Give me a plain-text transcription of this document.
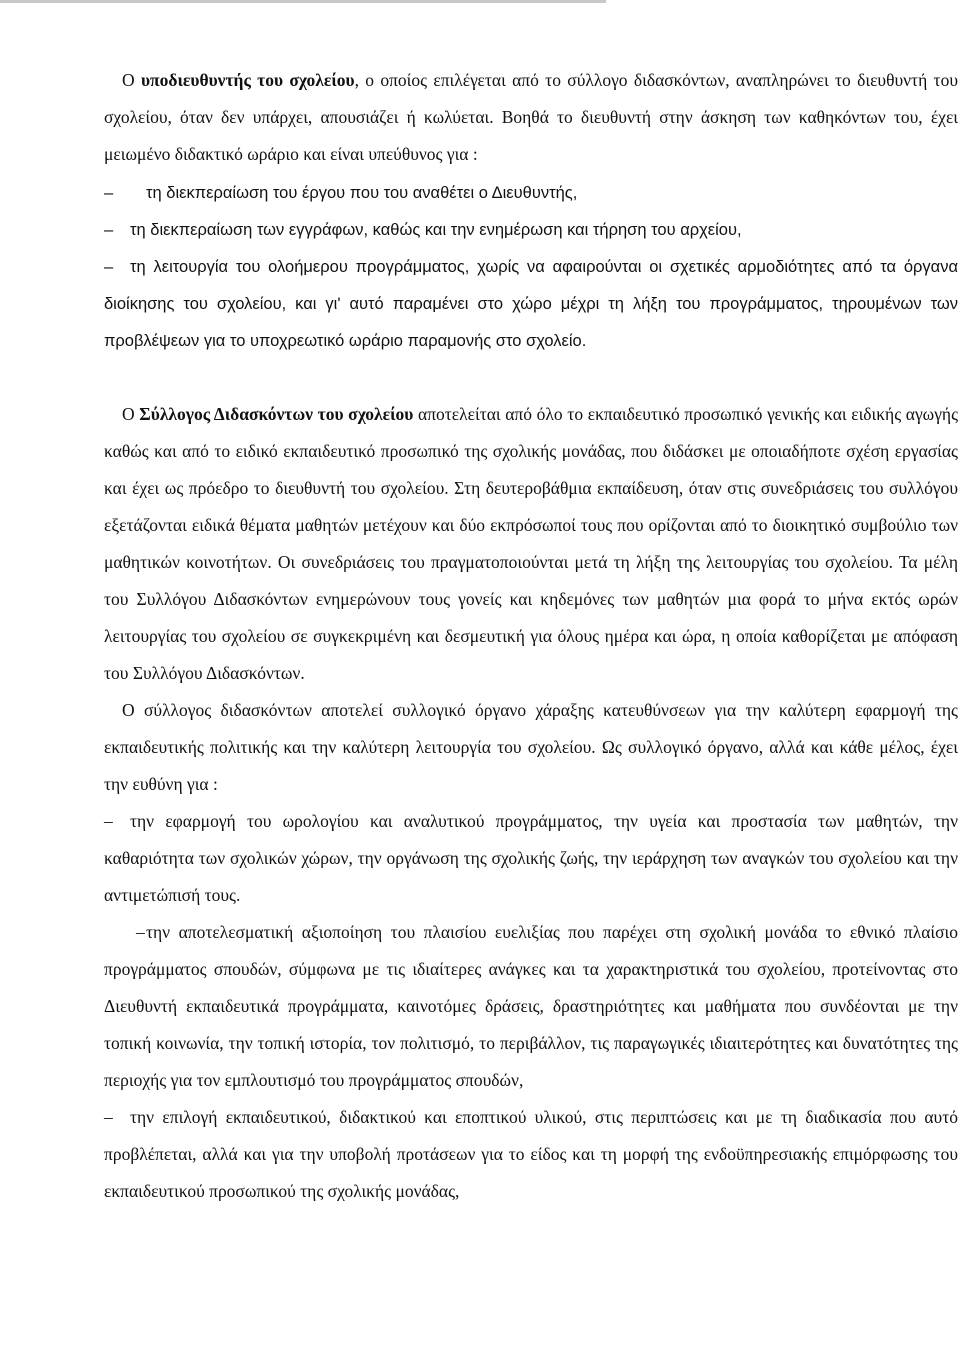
Ο υποδιευθυντής του σχολείου, ο οποίος επιλέγεται από το σύλλογο διδασκόντων, αναπληρώνει το διευθυντή του σχολείου, όταν δεν υπάρχει, απουσιάζει ή κωλύεται. Βοηθά το διευθυντή στην άσκηση των καθηκόντων του, έχει μειωμένο διδακτικό ωράριο και είναι υπεύθυνος για :

– τη διεκπεραίωση του έργου που του αναθέτει ο Διευθυντής,

– τη διεκπεραίωση των εγγράφων, καθώς και την ενημέρωση και τήρηση του αρχείου,

– τη λειτουργία του ολοήμερου προγράμματος, χωρίς να αφαιρούνται οι σχετικές αρμοδιότητες από τα όργανα διοίκησης του σχολείου, και γι' αυτό παραμένει στο χώρο μέχρι τη λήξη του προγράμματος, τηρουμένων των προβλέψεων για το υποχρεωτικό ωράριο παραμονής στο σχολείο.

Ο Σύλλογος Διδασκόντων του σχολείου αποτελείται από όλο το εκπαιδευτικό προσωπικό γενικής και ειδικής αγωγής καθώς και από το ειδικό εκπαιδευτικό προσωπικό της σχολικής μονάδας, που διδάσκει με οποιαδήποτε σχέση εργασίας και έχει ως πρόεδρο το διευθυντή του σχολείου. Στη δευτεροβάθμια εκπαίδευση, όταν στις συνεδριάσεις του συλλόγου εξετάζονται ειδικά θέματα μαθητών μετέχουν και δύο εκπρόσωποί τους που ορίζονται από το διοικητικό συμβούλιο των μαθητικών κοινοτήτων. Οι συνεδριάσεις του πραγματοποιούνται μετά τη λήξη της λειτουργίας του σχολείου. Τα μέλη του Συλλόγου Διδασκόντων ενημερώνουν τους γονείς και κηδεμόνες των μαθητών μια φορά το μήνα εκτός ωρών λειτουργίας του σχολείου σε συγκεκριμένη και δεσμευτική για όλους ημέρα και ώρα, η οποία καθορίζεται με απόφαση του Συλλόγου Διδασκόντων.

Ο σύλλογος διδασκόντων αποτελεί συλλογικό όργανο χάραξης κατευθύνσεων για την καλύτερη εφαρμογή της εκπαιδευτικής πολιτικής και την καλύτερη λειτουργία του σχολείου. Ως συλλογικό όργανο, αλλά και κάθε μέλος, έχει την ευθύνη για :

– την εφαρμογή του ωρολογίου και αναλυτικού προγράμματος, την υγεία και προστασία των μαθητών, την καθαριότητα των σχολικών χώρων, την οργάνωση της σχολικής ζωής, την ιεράρχηση των αναγκών του σχολείου και την αντιμετώπισή τους.

–την αποτελεσματική αξιοποίηση του πλαισίου ευελιξίας που παρέχει στη σχολική μονάδα το εθνικό πλαίσιο προγράμματος σπουδών, σύμφωνα με τις ιδιαίτερες ανάγκες και τα χαρακτηριστικά του σχολείου, προτείνοντας στο Διευθυντή εκπαιδευτικά προγράμματα, καινοτόμες δράσεις, δραστηριότητες και μαθήματα που συνδέονται με την τοπική κοινωνία, την τοπική ιστορία, τον πολιτισμό, το περιβάλλον, τις παραγωγικές ιδιαιτερότητες και δυνατότητες της περιοχής για τον εμπλουτισμό του προγράμματος σπουδών,

– την επιλογή εκπαιδευτικού, διδακτικού και εποπτικού υλικού, στις περιπτώσεις και με τη διαδικασία που αυτό προβλέπεται, αλλά και για την υποβολή προτάσεων για το είδος και τη μορφή της ενδοϋπηρεσιακής επιμόρφωσης του εκπαιδευτικού προσωπικού της σχολικής μονάδας,
